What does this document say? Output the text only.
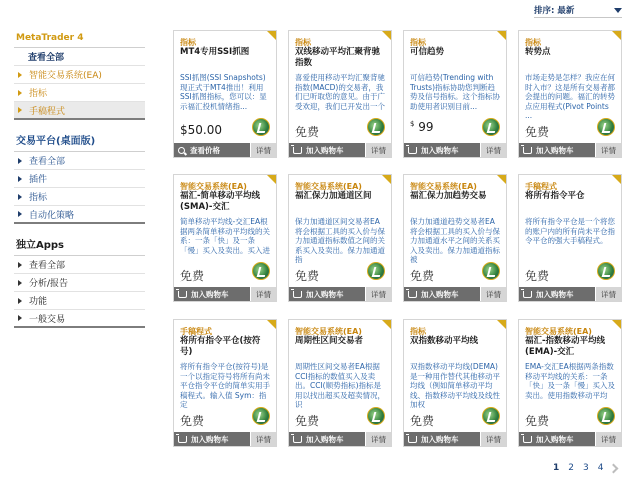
排序: 最新
MetaTrader 4
查看全部
智能交易系统(EA)
指标
手稿程式
交易平台(桌面版)
查看全部
插件
指标
自动化策略
独立Apps
查看全部
分析/报告
功能
一般交易
指标
MT4专用SSI抓图
SSI抓图(SSI Snapshots)现正式于MT4推出！利用SSI抓图指标，您可以：显示福汇投机情绪指...
$50.00
查看价格	详情
指标
双线移动平均汇聚背驰指数
喜爱使用移动平均汇聚背驰指数(MACD)的交易者，我们已听取您的意见。由于广受欢迎，我们已开发出一个
免费
加入购物车	详情
指标
可信趋势
可信趋势(Trending with Trusts)指标协助您判断趋势及信号指标。这个指标协助使用者识别目前...
$ 99
加入购物车	详情
指标
转势点
市场走势是怎样？我应在何时入市？这是所有交易者都会提出的问题。福汇的转势点应用程式(Pivot Points ...
免费
加入购物车	详情
智能交易系统(EA)
福汇-简单移动平均线(SMA)-交汇
简单移动平均线-交汇EA根据两条简单移动平均线的关系：一条「快」及一条「慢」买入及卖出。买入进
免费
加入购物车	详情
智能交易系统(EA)
福汇保力加通道区间
保力加通道区间交易者EA将会根据工具的买入价与保力加通道指标数值之间的关系买入及卖出。保力加通道指
免费
加入购物车	详情
智能交易系统(EA)
福汇保力加趋势交易
保力加通道趋势交易者EA将会根据工具的买入价与保力加通道水平之间的关系买入及卖出。保力加通道指标被
免费
加入购物车	详情
手稿程式
将所有指令平仓
将所有指令平仓是一个将您的账户内的所有尚未平仓指令平仓的强大手稿程式。
免费
加入购物车	详情
手稿程式
将所有指令平仓(按符号)
将所有指令平仓(按符号)是一个以指定符号将所有尚未平仓指令平仓的简单实用手稿程式。输入值 Sym：指定
免费
加入购物车	详情
智能交易系统(EA)
周期性区间交易者
周期性区间交易者EA根据CCI指标的数值买入及卖出。CCI(顺势指标)指标是用以找出超买及超卖情况，识
免费
加入购物车	详情
指标
双指数移动平均线
双指数移动平均线(DEMA)是一种用作替代其他移动平均线（例如简单移动平均线、指数移动平均线及线性加权
免费
加入购物车	详情
智能交易系统(EA)
福汇-指数移动平均线(EMA)-交汇
EMA-交汇EA根据两条指数移动平均线的关系：一条「快」及一条「慢」买入及卖出。使用指数移动平均
免费
加入购物车	详情
1 2 3 4
